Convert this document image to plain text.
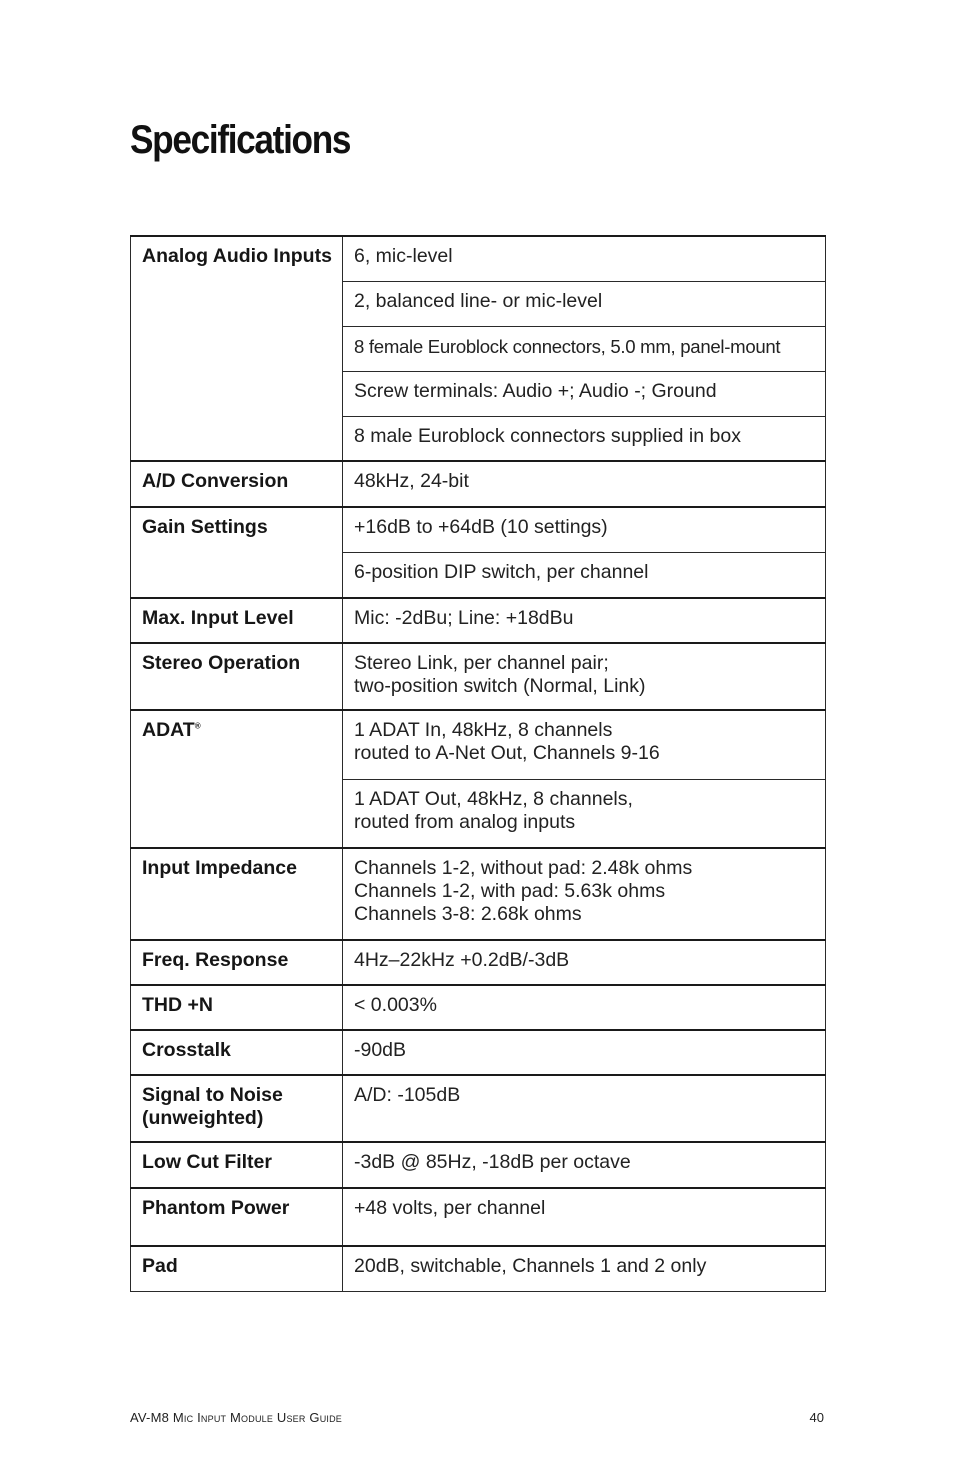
Specifications
Analog Audio Inputs	6, mic-level

	2, balanced line- or mic-level

	8 female Euroblock connectors, 5.0 mm, panel-mount

	Screw terminals: Audio +; Audio -; Ground

	8 male Euroblock connectors supplied in box

A/D Conversion	48kHz, 24-bit

Gain Settings	+16dB to +64dB (10 settings)

	6-position DIP switch, per channel

Max. Input Level	Mic: -2dBu; Line: +18dBu

Stereo Operation	Stereo Link, per channel pair;
two-position switch (Normal, Link)

ADAT®	1 ADAT In, 48kHz, 8 channels
routed to A-Net Out, Channels 9-16

	1 ADAT Out, 48kHz, 8 channels,
routed from analog inputs

Input Impedance	Channels 1-2, without pad: 2.48k ohms
Channels 1-2, with pad: 5.63k ohms
Channels 3-8: 2.68k ohms

Freq. Response	4Hz–22kHz +0.2dB/-3dB

THD +N	< 0.003%

Crosstalk	-90dB

Signal to Noise (unweighted)	A/D: -105dB

Low Cut Filter	-3dB @ 85Hz, -18dB per octave

Phantom Power	+48 volts, per channel

Pad	20dB, switchable, Channels 1 and 2 only
AV-M8 Mic Input Module User Guide	40
